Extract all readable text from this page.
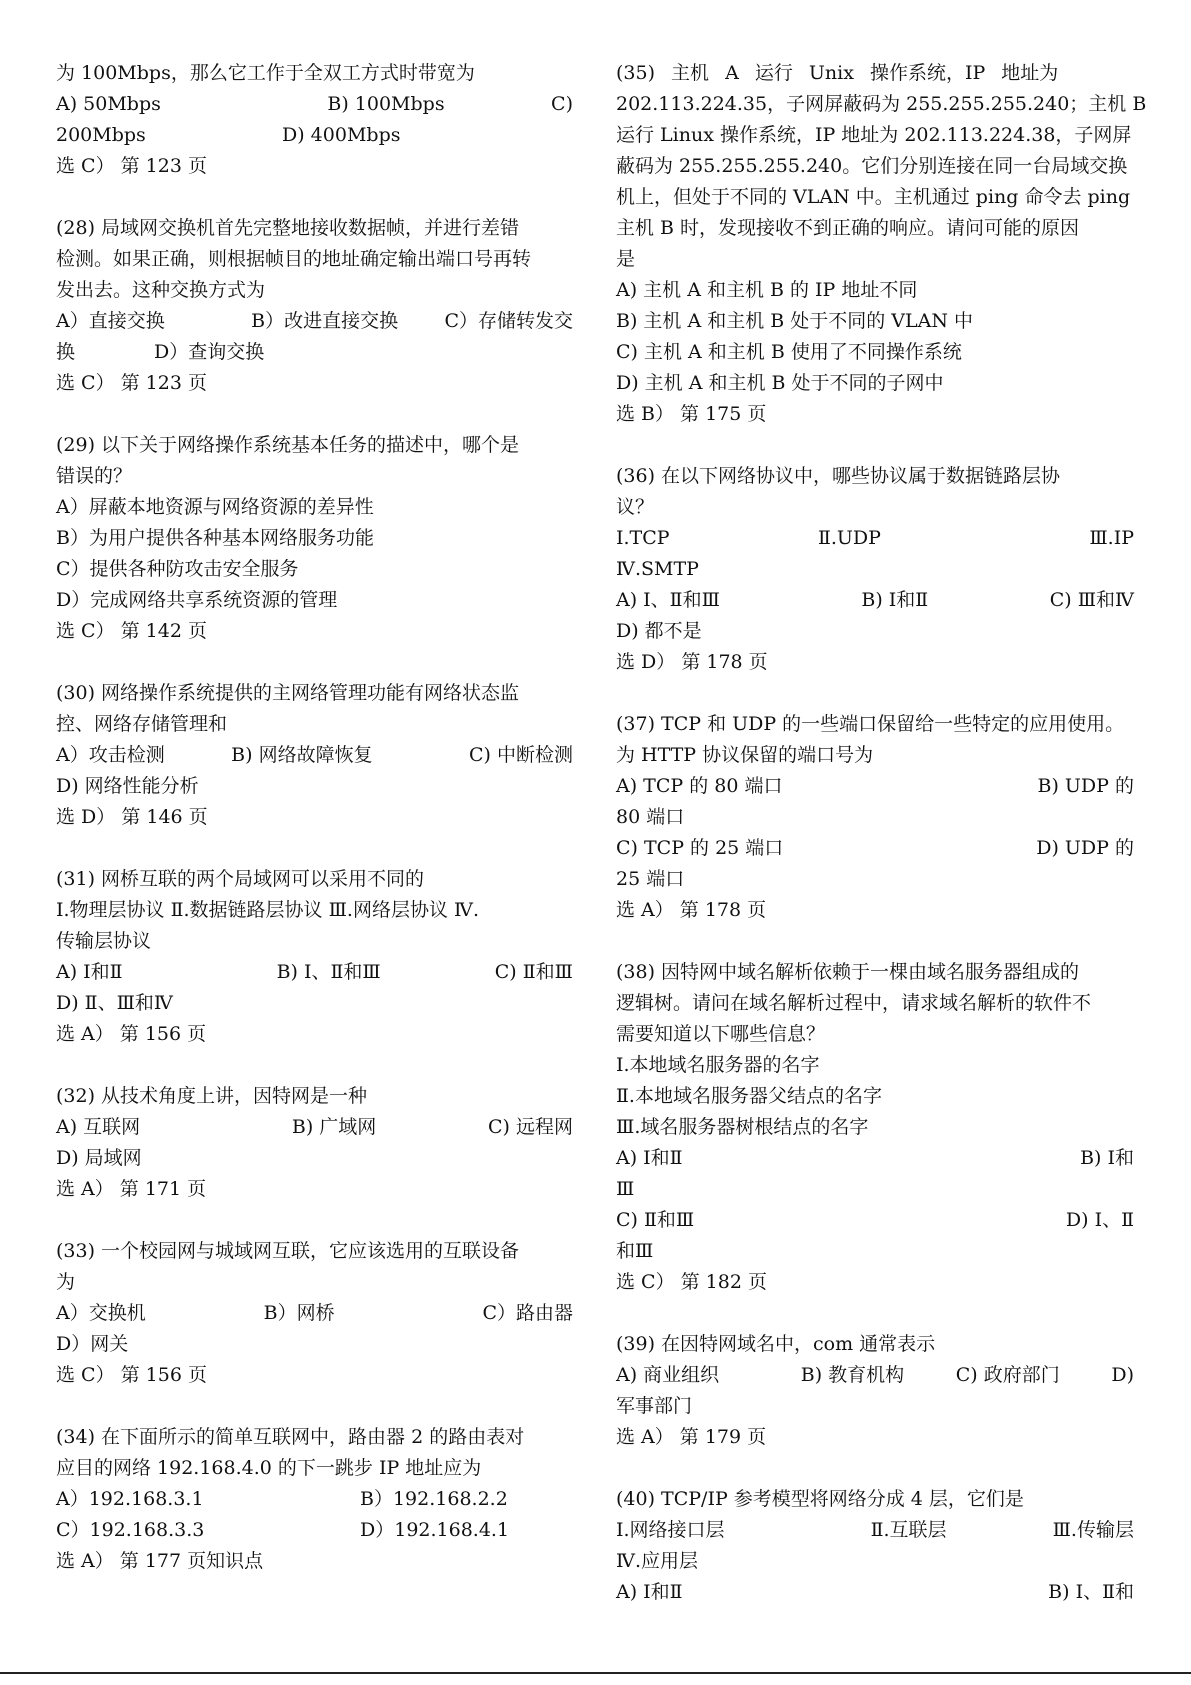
为 100Mbps，那么它工作于全双工方式时带宽为
A) 50Mbps	B) 100Mbps	C)
200Mbps	D) 400Mbps
选 C） 第 123 页
(28) 局域网交换机首先完整地接收数据帧，并进行差错
检测。如果正确，则根据帧目的地址确定输出端口号再转
发出去。这种交换方式为
A）直接交换	B）改进直接交换 C）存储转发交
换	D）查询交换
选 C） 第 123 页
(29) 以下关于网络操作系统基本任务的描述中，哪个是
错误的？
A）屏蔽本地资源与网络资源的差异性
B）为用户提供各种基本网络服务功能
C）提供各种防攻击安全服务
D）完成网络共享系统资源的管理
选 C） 第 142 页
(30) 网络操作系统提供的主网络管理功能有网络状态监
控、网络存储管理和
A）攻击检测	B) 网络故障恢复	C) 中断检测
D) 网络性能分析
选 D） 第 146 页
(31) 网桥互联的两个局域网可以采用不同的
Ⅰ.物理层协议 Ⅱ.数据链路层协议 Ⅲ.网络层协议 Ⅳ.
传输层协议
A) Ⅰ和Ⅱ	B) Ⅰ、Ⅱ和Ⅲ	C) Ⅱ和Ⅲ
D) Ⅱ、Ⅲ和Ⅳ
选 A） 第 156 页
(32) 从技术角度上讲，因特网是一种
A) 互联网	B) 广域网	C) 远程网
D) 局域网
选 A） 第 171 页
(33) 一个校园网与城域网互联，它应该选用的互联设备
为
A）交换机	B）网桥	C）路由器
D）网关
选 C） 第 156 页
(34) 在下面所示的简单互联网中，路由器 2 的路由表对
应目的网络 192.168.4.0 的下一跳步 IP 地址应为
A）192.168.3.1	B）192.168.2.2
C）192.168.3.3	D）192.168.4.1
选 A） 第 177 页知识点
(35) 主机 A 运行 Unix 操作系统，IP 地址为
202.113.224.35，子网屏蔽码为 255.255.255.240；主机 B
运行 Linux 操作系统，IP 地址为 202.113.224.38，子网屏
蔽码为 255.255.255.240。它们分别连接在同一台局域交换
机上，但处于不同的 VLAN 中。主机通过 ping 命令去 ping
主机 B 时，发现接收不到正确的响应。请问可能的原因
是
A) 主机 A 和主机 B 的 IP 地址不同
B) 主机 A 和主机 B 处于不同的 VLAN 中
C) 主机 A 和主机 B 使用了不同操作系统
D) 主机 A 和主机 B 处于不同的子网中
选 B） 第 175 页
(36) 在以下网络协议中，哪些协议属于数据链路层协
议？
Ⅰ.TCP	Ⅱ.UDP	Ⅲ.IP
Ⅳ.SMTP
A) Ⅰ、Ⅱ和Ⅲ	B) Ⅰ和Ⅱ	C) Ⅲ和Ⅳ
D) 都不是
选 D） 第 178 页
(37) TCP 和 UDP 的一些端口保留给一些特定的应用使用。
为 HTTP 协议保留的端口号为
A) TCP 的 80 端口	B) UDP 的
80 端口
C) TCP 的 25 端口	D) UDP 的
25 端口
选 A） 第 178 页
(38) 因特网中域名解析依赖于一棵由域名服务器组成的
逻辑树。请问在域名解析过程中，请求域名解析的软件不
需要知道以下哪些信息？
Ⅰ.本地域名服务器的名字
Ⅱ.本地域名服务器父结点的名字
Ⅲ.域名服务器树根结点的名字
A) Ⅰ和Ⅱ	B) Ⅰ和
Ⅲ
C) Ⅱ和Ⅲ	D) Ⅰ、Ⅱ
和Ⅲ
选 C） 第 182 页
(39) 在因特网域名中，com 通常表示
A) 商业组织	B) 教育机构	C) 政府部门	D)
军事部门
选 A） 第 179 页
(40) TCP/IP 参考模型将网络分成 4 层，它们是
Ⅰ.网络接口层	Ⅱ.互联层	Ⅲ.传输层
Ⅳ.应用层
A) Ⅰ和Ⅱ	B) Ⅰ、Ⅱ和
